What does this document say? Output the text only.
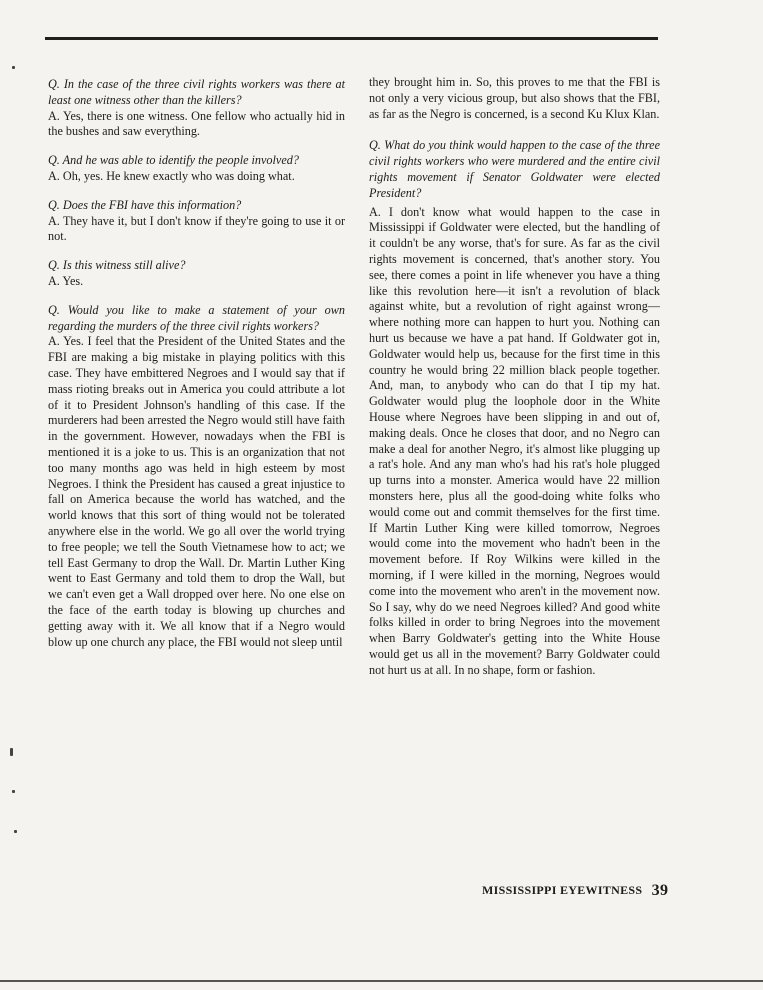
Q. In the case of the three civil rights workers was there at least one witness other than the killers?

A. Yes, there is one witness. One fellow who actually hid in the bushes and saw everything.

Q. And he was able to identify the people involved?

A. Oh, yes. He knew exactly who was doing what.

Q. Does the FBI have this information?

A. They have it, but I don't know if they're going to use it or not.

Q. Is this witness still alive?

A. Yes.

Q. Would you like to make a statement of your own regarding the murders of the three civil rights workers?

A. Yes. I feel that the President of the United States and the FBI are making a big mistake in playing politics with this case. They have embittered Negroes and I would say that if mass rioting breaks out in America you could attribute a lot of it to President Johnson's handling of this case. If the murderers had been arrested the Negro would still have faith in the government. However, nowadays when the FBI is mentioned it is a joke to us. This is an organization that not too many months ago was held in high esteem by most Negroes. I think the President has caused a great injustice to fall on America because the world has watched, and the world knows that this sort of thing would not be tolerated anywhere else in the world. We go all over the world trying to free people; we tell the South Vietnamese how to act; we tell East Germany to drop the Wall. Dr. Martin Luther King went to East Germany and told them to drop the Wall, but we can't even get a Wall dropped over here. No one else on the face of the earth today is blowing up churches and getting away with it. We all know that if a Negro would blow up one church any place, the FBI would not sleep until

they brought him in. So, this proves to me that the FBI is not only a very vicious group, but also shows that the FBI, as far as the Negro is concerned, is a second Ku Klux Klan.

Q. What do you think would happen to the case of the three civil rights workers who were murdered and the entire civil rights movement if Senator Goldwater were elected President?

A. I don't know what would happen to the case in Mississippi if Goldwater were elected, but the handling of it couldn't be any worse, that's for sure. As far as the civil rights movement is concerned, that's another story. You see, there comes a point in life whenever you have a thing like this revolution here—it isn't a revolution of black against white, but a revolution of right against wrong—where nothing more can happen to hurt you. Nothing can hurt us because we have a pat hand. If Goldwater got in, Goldwater would help us, because for the first time in this country he would bring 22 million black people together. And, man, to anybody who can do that I tip my hat. Goldwater would plug the loophole door in the White House where Negroes have been slipping in and out of, making deals. Once he closes that door, and no Negro can make a deal for another Negro, it's almost like plugging up a rat's hole. And any man who's had his rat's hole plugged up turns into a monster. America would have 22 million monsters here, plus all the good-doing white folks who would come out and commit themselves for the first time. If Martin Luther King were killed tomorrow, Negroes would come into the movement who hadn't been in the movement before. If Roy Wilkins were killed in the morning, if I were killed in the morning, Negroes would come into the movement who aren't in the movement now. So I say, why do we need Negroes killed? And good white folks killed in order to bring Negroes into the movement when Barry Goldwater's getting into the White House would get us all in the movement? Barry Goldwater could not hurt us at all. In no shape, form or fashion.

MISSISSIPPI EYEWITNESS 39
